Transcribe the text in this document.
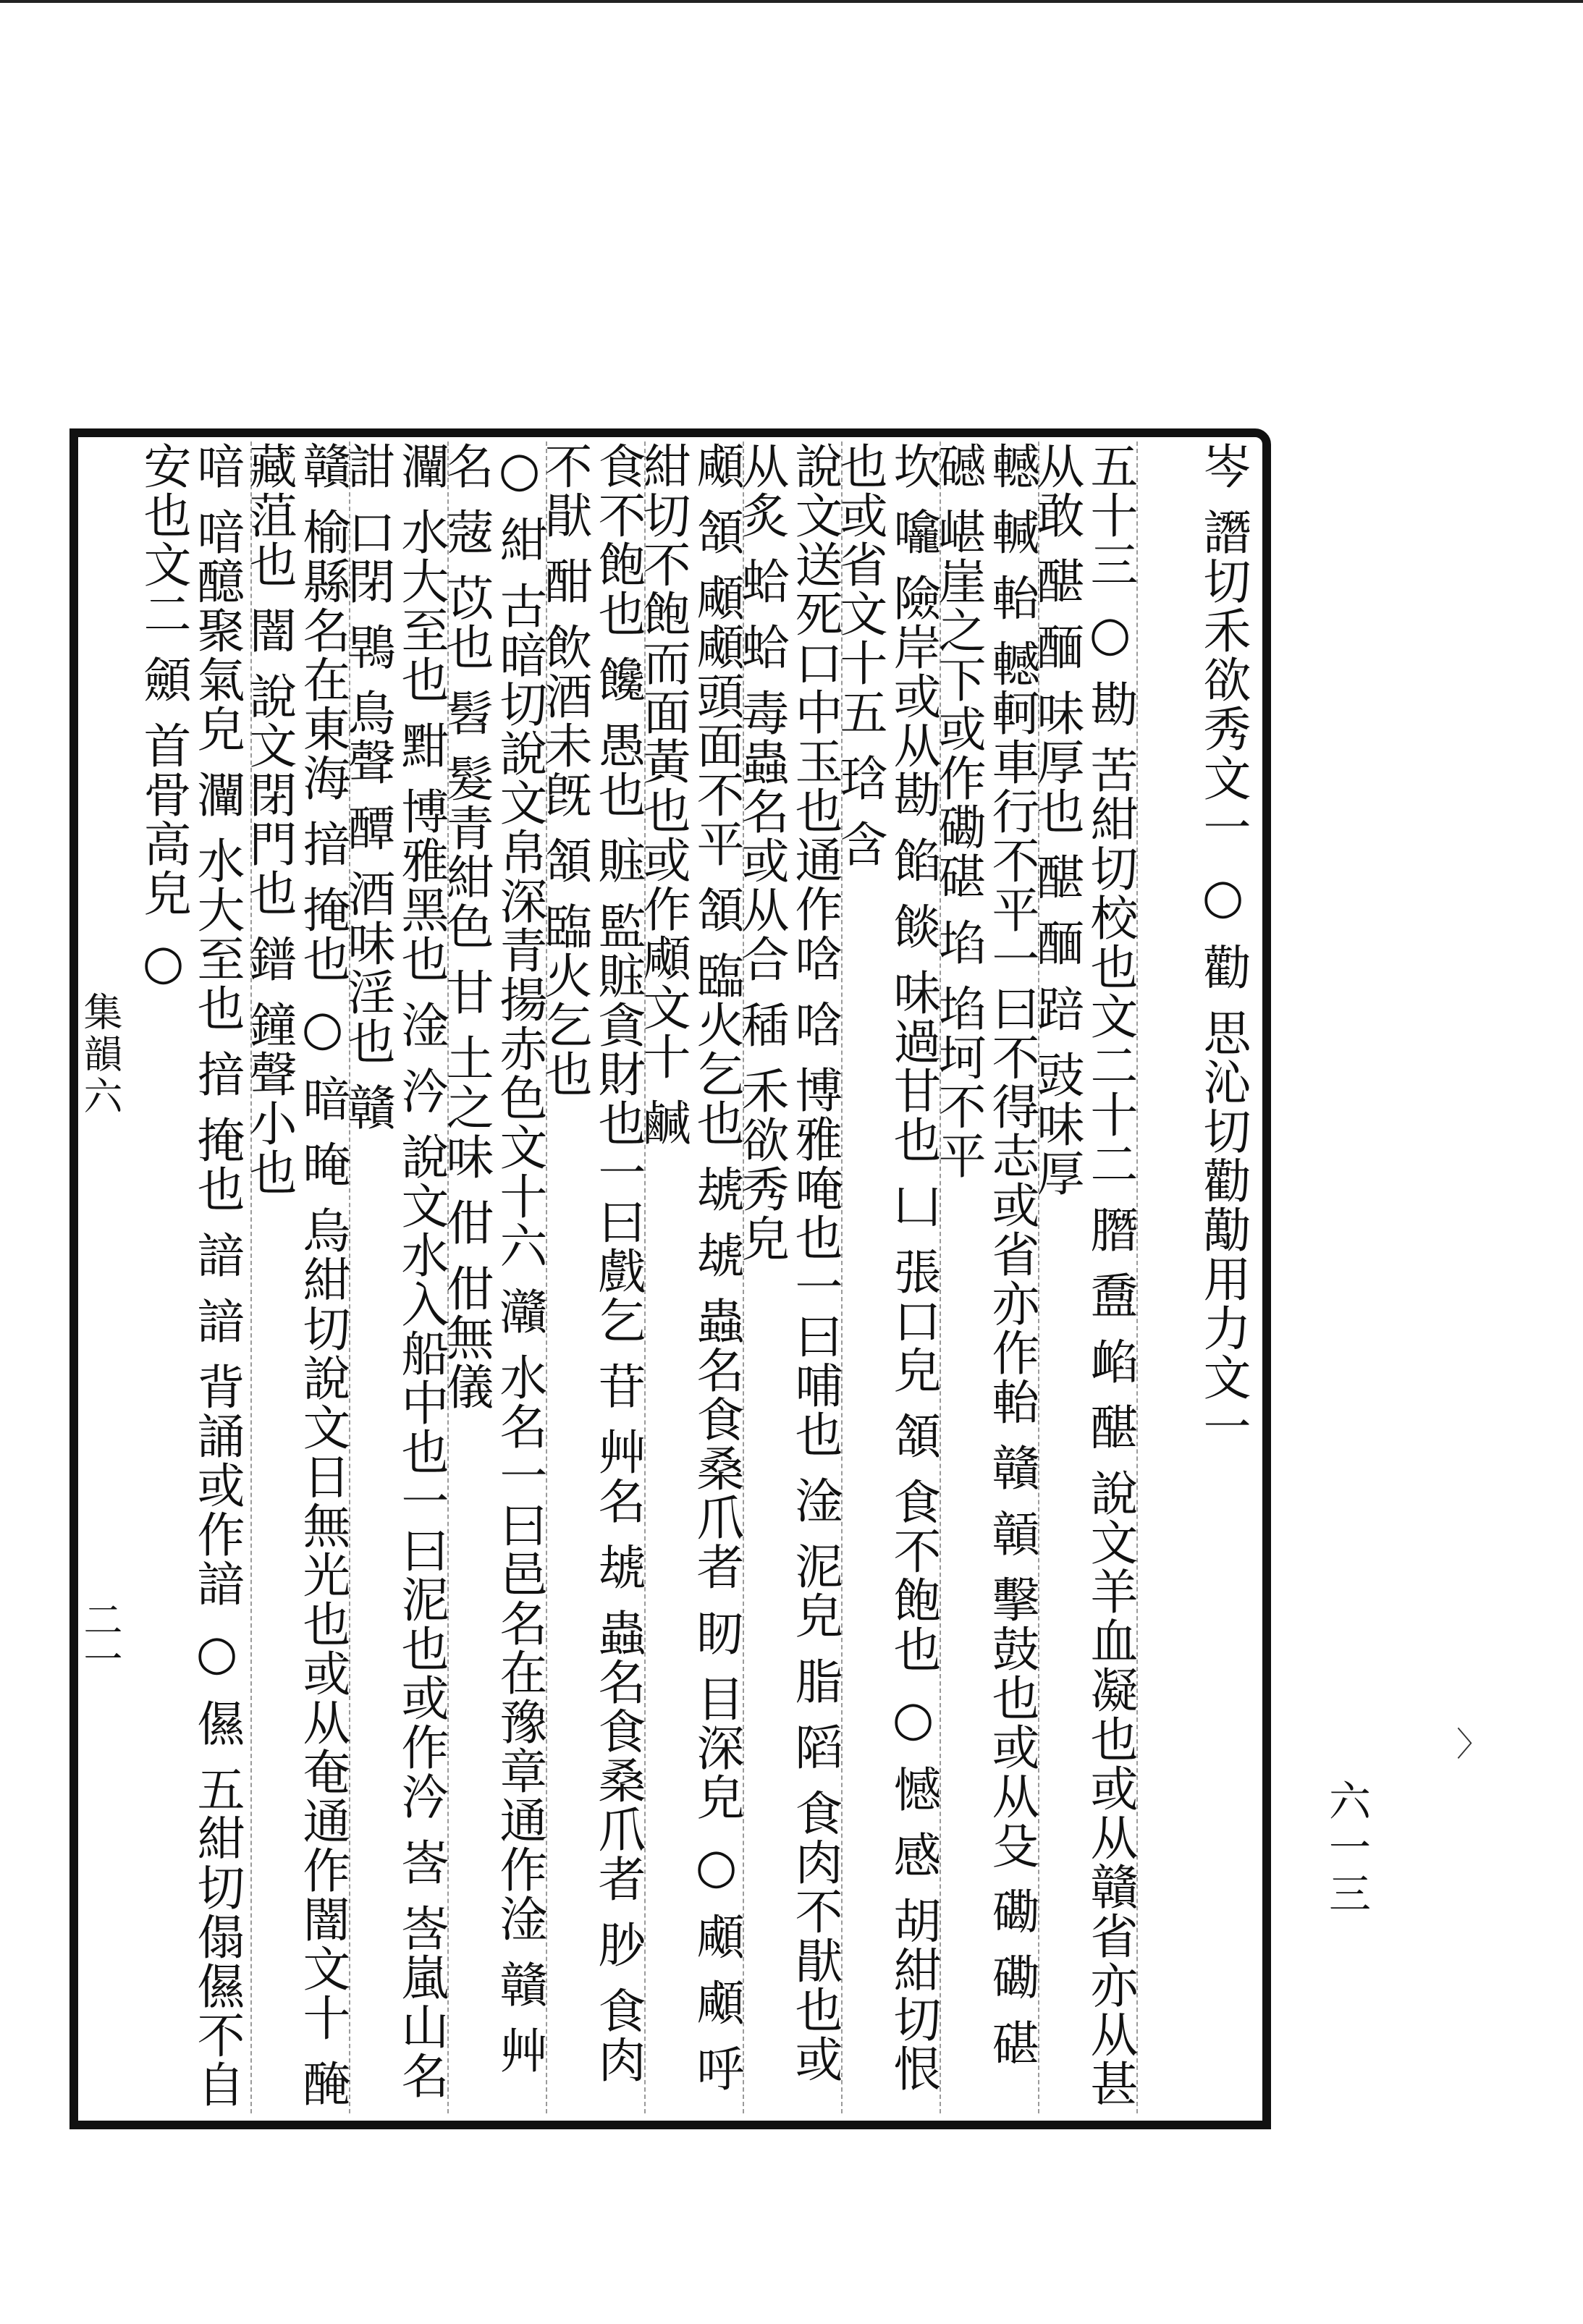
岑 譖切禾欲秀文一 ○ 勸 思沁切勸勱用力文一
五十三 ○ 勘 苦紺切校也文二十二 䐶 䀉 䘓 䤁 說文羊血凝也或从贛省亦从甚从敢 䤁 䤄 味厚也 䤁 䤄 踣 豉味厚
轗 輱 軩 轗軻車行不平一曰不得志或省亦作軩 贛 贑 擊鼓也或从殳 磡 磡 碪 䃭 嵁崖之下或作磡碪 埳 埳坷不平
坎 㘛 險岸或从勘 餡 餤 味過甘也 凵 張口皃 頷 食不飽也 ○ 憾 感 胡紺切恨也或省文十五 琀 含
說文送死口中玉也通作唅 唅 博雅唵也一曰哺也 淦 泥皃 脂 䧟 食肉不猒也或从炙 蛤 蛤 毒蟲名或从合 䅤 禾欲秀皃
顑 頷 顑顑頭面不平 頷 臨火乞也 䖔 䖔 蟲名食桑爪者 䀔 目深皃 ○ 顑 顑 呼紺切不飽而面黃也或作顑文十 鹹
食不飽也 饞 愚也 賘 監賘貪財也一曰戲乞 苷 艸名 䖔 蟲名食桑爪者 䏚 食肉不猒 酣 飲酒未旣 頷 臨火乞也
○ 紺 古暗切說文帛深青揚赤色文十六 灨 水名一曰邑名在豫章通作淦 贛 艸名 䓻 苡也 髫 髮青紺色 甘 土之味 佄 佄無儀
灛 水大至也 黚 博雅黑也 淦 汵 說文水入船中也一曰泥也或作汵 㟔 㟔嵐山名 詌 口閉 䳚 鳥聲 醰 酒味淫也 贛
贛 榆縣名在東海 揞 掩也 ○ 暗 晻 烏紺切說文日無光也或从奄通作闇文十 醃 藏菹也 闇 說文閉門也 鐠 鐘聲小也
喑 喑醷聚氣皃 灛 水大至也 揞 掩也 諳 諳 背誦或作諳 ○ 儑 五紺切傝儑不自安也文二 顩 首骨高皃 ○
集韻六
二一
六一三
〉
